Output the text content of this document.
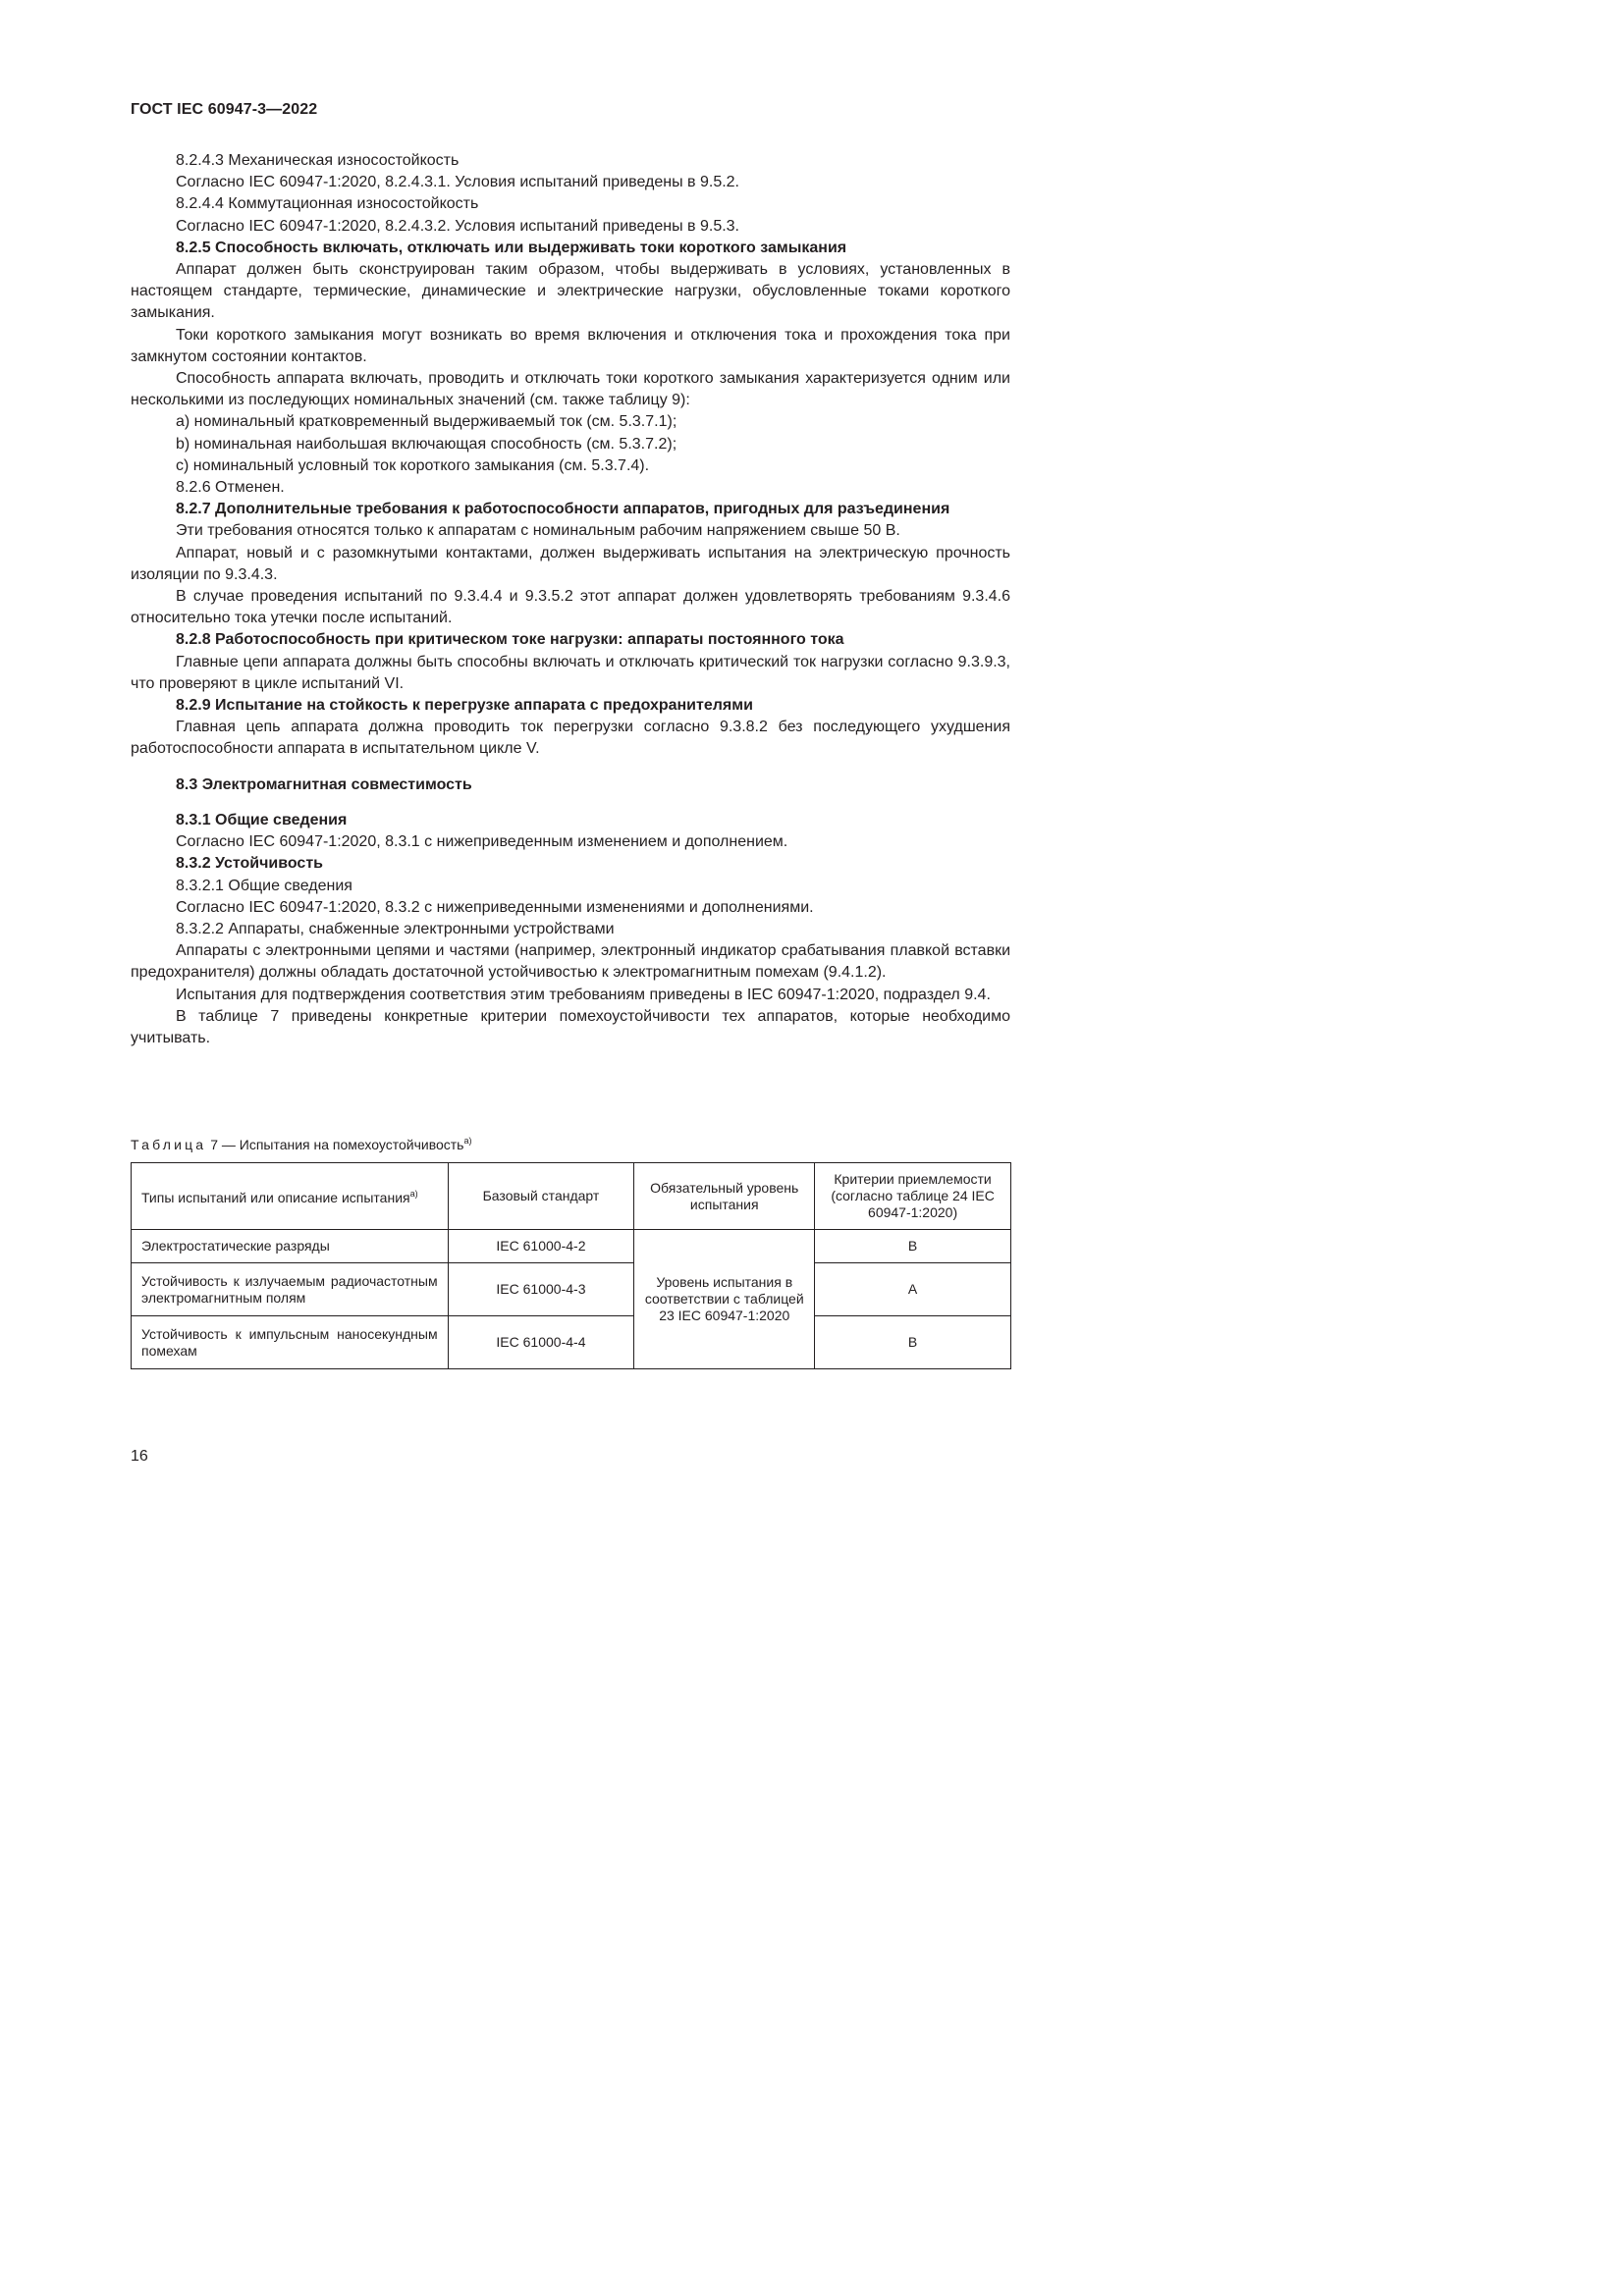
ГОСТ IEC 60947-3—2022

8.2.4.3 Механическая износостойкость

Согласно IEC 60947-1:2020, 8.2.4.3.1. Условия испытаний приведены в 9.5.2.

8.2.4.4 Коммутационная износостойкость

Согласно IEC 60947-1:2020, 8.2.4.3.2. Условия испытаний приведены в 9.5.3.

8.2.5 Способность включать, отключать или выдерживать токи короткого замыкания

Аппарат должен быть сконструирован таким образом, чтобы выдерживать в условиях, установленных в настоящем стандарте, термические, динамические и электрические нагрузки, обусловленные токами короткого замыкания.

Токи короткого замыкания могут возникать во время включения и отключения тока и прохождения тока при замкнутом состоянии контактов.

Способность аппарата включать, проводить и отключать токи короткого замыкания характеризуется одним или несколькими из последующих номинальных значений (см. также таблицу 9):

a) номинальный кратковременный выдерживаемый ток (см. 5.3.7.1);

b) номинальная наибольшая включающая способность (см. 5.3.7.2);

c) номинальный условный ток короткого замыкания (см. 5.3.7.4).

8.2.6 Отменен.

8.2.7 Дополнительные требования к работоспособности аппаратов, пригодных для разъединения

Эти требования относятся только к аппаратам с номинальным рабочим напряжением свыше 50 В.

Аппарат, новый и с разомкнутыми контактами, должен выдерживать испытания на электрическую прочность изоляции по 9.3.4.3.

В случае проведения испытаний по 9.3.4.4 и 9.3.5.2 этот аппарат должен удовлетворять требованиям 9.3.4.6 относительно тока утечки после испытаний.

8.2.8 Работоспособность при критическом токе нагрузки: аппараты постоянного тока

Главные цепи аппарата должны быть способны включать и отключать критический ток нагрузки согласно 9.3.9.3, что проверяют в цикле испытаний VI.

8.2.9 Испытание на стойкость к перегрузке аппарата с предохранителями

Главная цепь аппарата должна проводить ток перегрузки согласно 9.3.8.2 без последующего ухудшения работоспособности аппарата в испытательном цикле V.

8.3 Электромагнитная совместимость

8.3.1 Общие сведения

Согласно IEC 60947-1:2020, 8.3.1 с нижеприведенным изменением и дополнением.

8.3.2 Устойчивость

8.3.2.1 Общие сведения

Согласно IEC 60947-1:2020, 8.3.2 с нижеприведенными изменениями и дополнениями.

8.3.2.2 Аппараты, снабженные электронными устройствами

Аппараты с электронными цепями и частями (например, электронный индикатор срабатывания плавкой вставки предохранителя) должны обладать достаточной устойчивостью к электромагнитным помехам (9.4.1.2).

Испытания для подтверждения соответствия этим требованиям приведены в IEC 60947-1:2020, подраздел 9.4.

В таблице 7 приведены конкретные критерии помехоустойчивости тех аппаратов, которые необходимо учитывать.

Таблица 7 — Испытания на помехоустойчивость$^{a)}$
Типы испытаний или описание испытания$^{a)}$	Базовый стандарт	Обязательный уровень испытания	Критерии приемлемости (согласно таблице 24 IEC 60947-1:2020)
Электростатические разряды	IEC 61000-4-2	Уровень испытания в соответствии с таблицей 23 IEC 60947-1:2020	B
Устойчивость к излучаемым радиочастотным электромагнитным полям	IEC 61000-4-3		A
Устойчивость к импульсным наносекундным помехам	IEC 61000-4-4		B
16
